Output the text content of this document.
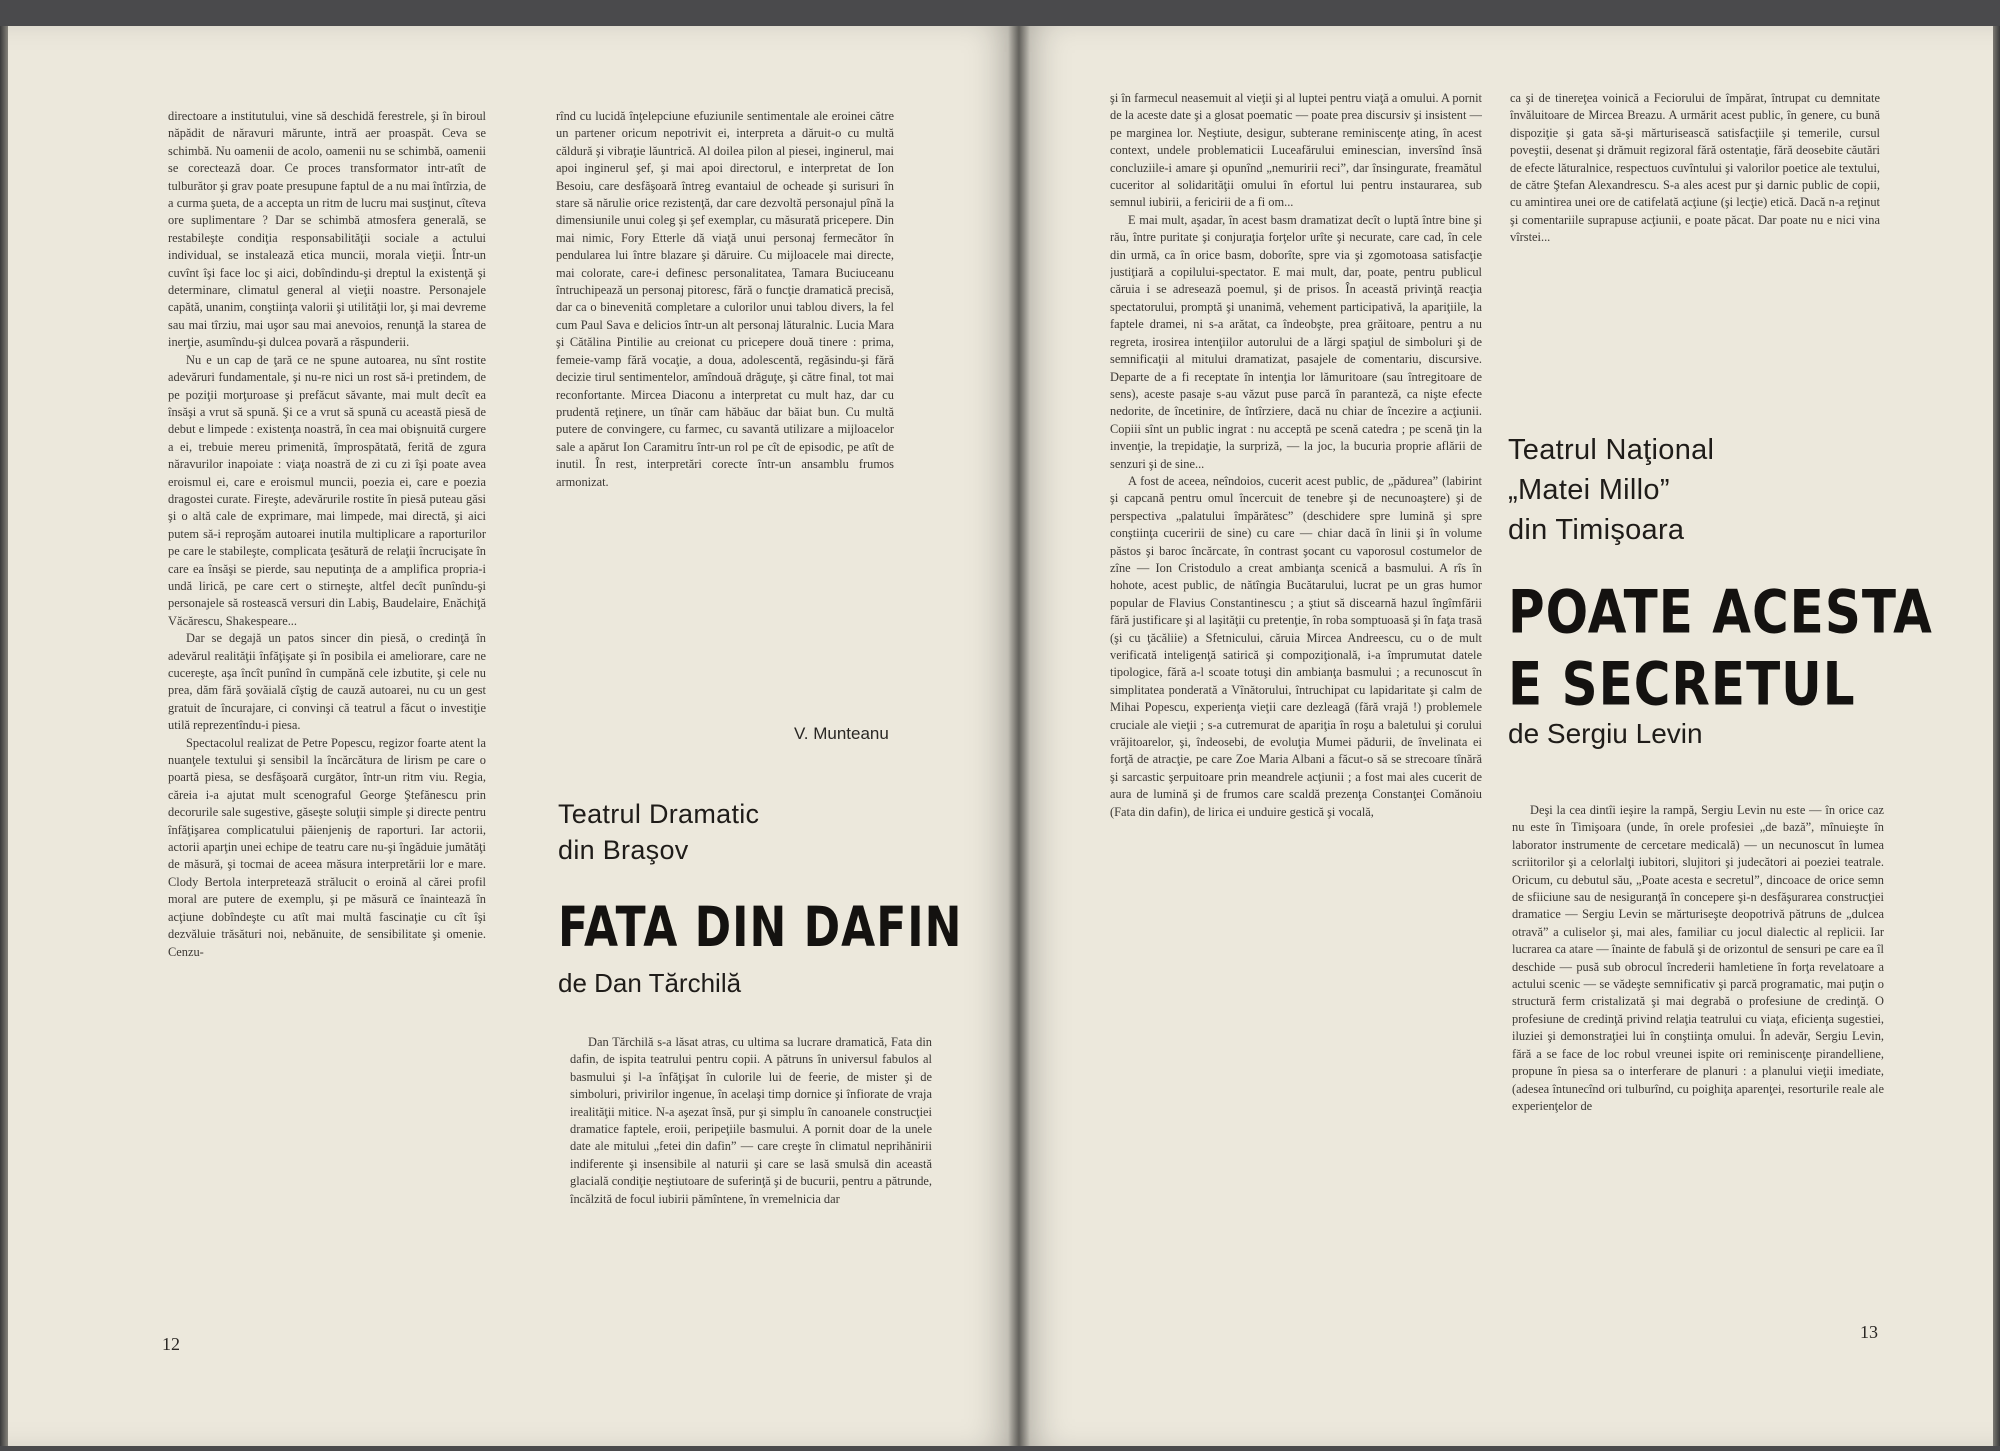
directoare a institutului, vine să deschidă ferestrele, şi în biroul năpădit de năravuri mărunte, intră aer proaspăt. Ceva se schimbă. Nu oamenii de acolo, oamenii nu se schimbă, oamenii se corectează doar. Ce proces transformator intr-atît de tulburător şi grav poate presupune faptul de a nu mai întîrzia, de a curma şueta, de a accepta un ritm de lucru mai susţinut, cîteva ore suplimentare ? Dar se schimbă atmosfera generală, se restabileşte condiţia responsabilităţii sociale a actului individual, se instalează etica muncii, morala vieţii. Într-un cuvînt îşi face loc şi aici, dobîndindu-şi dreptul la existenţă şi determinare, climatul general al vieţii noastre. Personajele capătă, unanim, conştiinţa valorii şi utilităţii lor, şi mai devreme sau mai tîrziu, mai uşor sau mai anevoios, renunţă la starea de inerţie, asumîndu-şi dulcea povară a răspunderii.

Nu e un cap de ţară ce ne spune autoarea, nu sînt rostite adevăruri fundamentale, şi nu-re nici un rost să-i pretindem, de pe poziţii morţuroase şi prefăcut săvante, mai mult decît ea însăşi a vrut să spună. Şi ce a vrut să spună cu această piesă de debut e limpede : existenţa noastră, în cea mai obişnuită curgere a ei, trebuie mereu primenită, împrospătată, ferită de zgura năravurilor inapoiate : viaţa noastră de zi cu zi îşi poate avea eroismul ei, care e eroismul muncii, poezia ei, care e poezia dragostei curate. Fireşte, adevărurile rostite în piesă puteau găsi şi o altă cale de exprimare, mai limpede, mai directă, şi aici putem să-i reproşăm autoarei inutila multiplicare a raporturilor pe care le stabileşte, complicata ţesătură de relaţii încrucişate în care ea însăşi se pierde, sau neputinţa de a amplifica propria-i undă lirică, pe care cert o stirneşte, altfel decît punîndu-şi personajele să rostească versuri din Labiş, Baudelaire, Enăchiţă Văcărescu, Shakespeare...

Dar se degajă un patos sincer din piesă, o credinţă în adevărul realităţii înfăţişate şi în posibila ei ameliorare, care ne cucereşte, aşa încît punînd în cumpănă cele izbutite, şi cele nu prea, dăm fără şovăială cîştig de cauză autoarei, nu cu un gest gratuit de încurajare, ci convinşi că teatrul a făcut o investiţie utilă reprezentîndu-i piesa.

Spectacolul realizat de Petre Popescu, regizor foarte atent la nuanţele textului şi sensibil la încărcătura de lirism pe care o poartă piesa, se desfăşoară curgător, într-un ritm viu. Regia, căreia i-a ajutat mult scenograful George Ştefănescu prin decorurile sale sugestive, găseşte soluţii simple şi directe pentru înfăţişarea complicatului păienjeniş de raporturi. Iar actorii, actorii aparţin unei echipe de teatru care nu-şi îngăduie jumătăţi de măsură, şi tocmai de aceea măsura interpretării lor e mare. Clody Bertola interpretează strălucit o eroină al cărei profil moral are putere de exemplu, şi pe măsură ce înaintează în acţiune dobîndeşte cu atît mai multă fascinaţie cu cît îşi dezvăluie trăsături noi, nebănuite, de sensibilitate şi omenie. Cenzu-

rînd cu lucidă înţelepciune efuziunile sentimentale ale eroinei către un partener oricum nepotrivit ei, interpreta a dăruit-o cu multă căldură şi vibraţie lăuntrică. Al doilea pilon al piesei, inginerul, mai apoi inginerul şef, şi mai apoi directorul, e interpretat de Ion Besoiu, care desfăşoară întreg evantaiul de ocheade şi surisuri în stare să nărulie orice rezistenţă, dar care dezvoltă personajul pînă la dimensiunile unui coleg şi şef exemplar, cu măsurată pricepere. Din mai nimic, Fory Etterle dă viaţă unui personaj fermecător în pendularea lui între blazare şi dăruire. Cu mijloacele mai directe, mai colorate, care-i definesc personalitatea, Tamara Buciuceanu întruchipează un personaj pitoresc, fără o funcţie dramatică precisă, dar ca o binevenită completare a culorilor unui tablou divers, la fel cum Paul Sava e delicios într-un alt personaj lăturalnic. Lucia Mara şi Cătălina Pintilie au creionat cu pricepere două tinere : prima, femeie-vamp fără vocaţie, a doua, adolescentă, regăsindu-şi fără decizie tirul sentimentelor, amîndouă drăguţe, şi către final, tot mai reconfortante. Mircea Diaconu a interpretat cu mult haz, dar cu prudentă reţinere, un tînăr cam hăbăuc dar băiat bun. Cu multă putere de convingere, cu farmec, cu savantă utilizare a mijloacelor sale a apărut Ion Caramitru într-un rol pe cît de episodic, pe atît de inutil. În rest, interpretări corecte într-un ansamblu frumos armonizat.

V. Munteanu
Teatrul Dramatic
din Braşov
FATA DIN DAFIN
de Dan Tărchilă

Dan Tărchilă s-a lăsat atras, cu ultima sa lucrare dramatică, Fata din dafin, de ispita teatrului pentru copii. A pătruns în universul fabulos al basmului şi l-a înfăţişat în culorile lui de feerie, de mister şi de simboluri, privirilor ingenue, în acelaşi timp dornice şi înfiorate de vraja irealităţii mitice. N-a aşezat însă, pur şi simplu în canoanele construcţiei dramatice faptele, eroii, peripeţiile basmului. A pornit doar de la unele date ale mitului „fetei din dafin” — care creşte în climatul neprihănirii indiferente şi insensibile al naturii şi care se lasă smulsă din această glacială condiţie neştiutoare de suferinţă şi de bucurii, pentru a pătrunde, încălzită de focul iubirii pămîntene, în vremelnicia dar

12

şi în farmecul neasemuit al vieţii şi al luptei pentru viaţă a omului. A pornit de la aceste date şi a glosat poematic — poate prea discursiv şi insistent — pe marginea lor. Neştiute, desigur, subterane reminiscenţe ating, în acest context, undele problematicii Luceafărului eminescian, inversînd însă concluziile-i amare şi opunînd „nemuririi reci”, dar însingurate, freamătul cuceritor al solidarităţii omului în efortul lui pentru instaurarea, sub semnul iubirii, a fericirii de a fi om...

E mai mult, aşadar, în acest basm dramatizat decît o luptă între bine şi rău, între puritate şi conjuraţia forţelor urîte şi necurate, care cad, în cele din urmă, ca în orice basm, doborîte, spre via şi zgomotoasa satisfacţie justiţiară a copilului-spectator. E mai mult, dar, poate, pentru publicul căruia i se adresează poemul, şi de prisos. În această privinţă reacţia spectatorului, promptă şi unanimă, vehement participativă, la apariţiile, la faptele dramei, ni s-a arătat, ca îndeobşte, prea grăitoare, pentru a nu regreta, irosirea intenţiilor autorului de a lărgi spaţiul de simboluri şi de semnificaţii al mitului dramatizat, pasajele de comentariu, discursive. Departe de a fi receptate în intenţia lor lămuritoare (sau întregitoare de sens), aceste pasaje s-au văzut puse parcă în paranteză, ca nişte efecte nedorite, de încetinire, de întîrziere, dacă nu chiar de încezire a acţiunii. Copiii sînt un public ingrat : nu acceptă pe scenă catedra ; pe scenă ţin la invenţie, la trepidaţie, la surpriză, — la joc, la bucuria proprie aflării de senzuri şi de sine...

A fost de aceea, neîndoios, cucerit acest public, de „pădurea” (labirint şi capcană pentru omul încercuit de tenebre şi de necunoaştere) şi de perspectiva „palatului împărătesc” (deschidere spre lumină şi spre conştiinţa cuceririi de sine) cu care — chiar dacă în linii şi în volume păstos şi baroc încărcate, în contrast şocant cu vaporosul costumelor de zîne — Ion Cristodulo a creat ambianţa scenică a basmului. A rîs în hohote, acest public, de nătîngia Bucătarului, lucrat pe un gras humor popular de Flavius Constantinescu ; a ştiut să discearnă hazul îngîmfării fără justificare şi al laşităţii cu pretenţie, în roba somptuoasă şi în faţa trasă (şi cu ţăcăliie) a Sfetnicului, căruia Mircea Andreescu, cu o de mult verificată inteligenţă satirică şi compoziţională, i-a împrumutat datele tipologice, fără a-l scoate totuşi din ambianţa basmului ; a recunoscut în simplitatea ponderată a Vînătorului, întruchipat cu lapidaritate şi calm de Mihai Popescu, experienţa vieţii care dezleagă (fără vrajă !) problemele cruciale ale vieţii ; s-a cutremurat de apariţia în roşu a baletului şi corului vrăjitoarelor, şi, îndeosebi, de evoluţia Mumei pădurii, de învelinata ei forţă de atracţie, pe care Zoe Maria Albani a făcut-o să se strecoare tînără şi sarcastic şerpuitoare prin meandrele acţiunii ; a fost mai ales cucerit de aura de lumină şi de frumos care scaldă prezenţa Constanţei Comănoiu (Fata din dafin), de lirica ei unduire gestică şi vocală,

ca şi de tinereţea voinică a Feciorului de împărat, întrupat cu demnitate învăluitoare de Mircea Breazu. A urmărit acest public, în genere, cu bună dispoziţie şi gata să-şi mărturisească satisfacţiile şi temerile, cursul poveştii, desenat şi drămuit regizoral fără ostentaţie, fără deosebite căutări de efecte lăturalnice, respectuos cuvîntului şi valorilor poetice ale textului, de către Ştefan Alexandrescu. S-a ales acest pur şi darnic public de copii, cu amintirea unei ore de catifelată acţiune (şi lecţie) etică. Dacă n-a reţinut şi comentariile suprapuse acţiunii, e poate păcat. Dar poate nu e nici vina vîrstei...

Teatrul Naţional
„Matei Millo”
din Timişoara
POATE ACESTA
E SECRETUL
de Sergiu Levin

Deşi la cea dintîi ieşire la rampă, Sergiu Levin nu este — în orice caz nu este în Timişoara (unde, în orele profesiei „de bază”, mînuieşte în laborator instrumente de cercetare medicală) — un necunoscut în lumea scriitorilor şi a celorlalţi iubitori, slujitori şi judecători ai poeziei teatrale. Oricum, cu debutul său, „Poate acesta e secretul”, dincoace de orice semn de sfiiciune sau de nesiguranţă în concepere şi-n desfăşurarea construcţiei dramatice — Sergiu Levin se mărturiseşte deopotrivă pătruns de „dulcea otravă” a culiselor şi, mai ales, familiar cu jocul dialectic al replicii. Iar lucrarea ca atare — înainte de fabulă şi de orizontul de sensuri pe care ea îl deschide — pusă sub obrocul încrederii hamletiene în forţa revelatoare a actului scenic — se vădeşte semnificativ şi parcă programatic, mai puţin o structură ferm cristalizată şi mai degrabă o profesiune de credinţă. O profesiune de credinţă privind relaţia teatrului cu viaţa, eficienţa sugestiei, iluziei şi demonstraţiei lui în conştiinţa omului. În adevăr, Sergiu Levin, fără a se face de loc robul vreunei ispite ori reminiscenţe pirandelliene, propune în piesa sa o interferare de planuri : a planului vieţii imediate, (adesea întunecînd ori tulburînd, cu poighiţa aparenţei, resorturile reale ale experienţelor de

13
